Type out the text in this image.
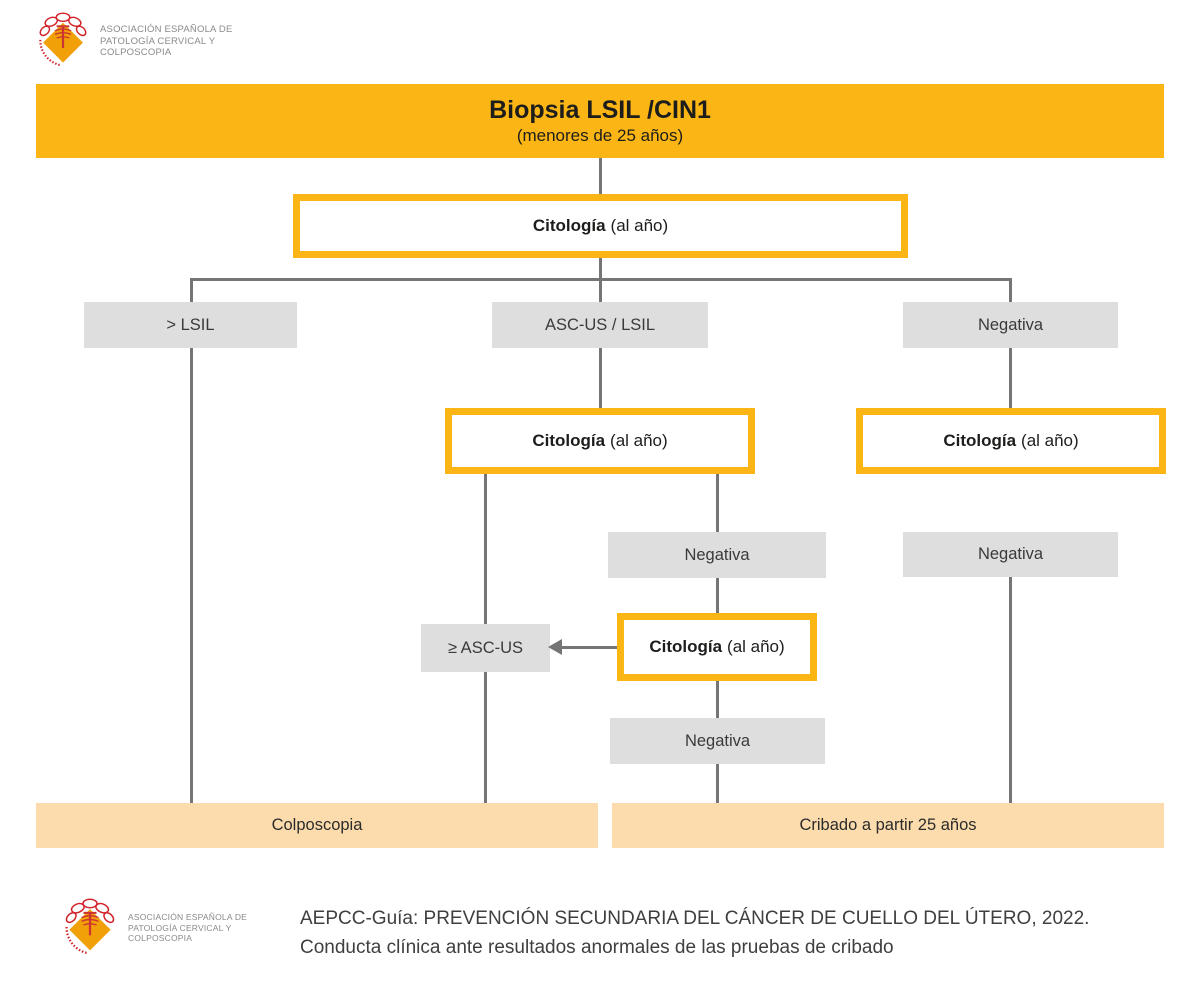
ASOCIACIÓN ESPAÑOLA DE
PATOLOGÍA CERVICAL Y
COLPOSCOPIA
Biopsia LSIL /CIN1
(menores de 25 años)
Citología (al año)
> LSIL	ASC-US / LSIL	Negativa
Citología (al año)	Citología (al año)
Negativa	Negativa
≥ ASC-US	Citología (al año)
Negativa
Colposcopia	Cribado a partir 25 años
ASOCIACIÓN ESPAÑOLA DE
PATOLOGÍA CERVICAL Y
COLPOSCOPIA
AEPCC-Guía: PREVENCIÓN SECUNDARIA DEL CÁNCER DE CUELLO DEL ÚTERO, 2022.
Conducta clínica ante resultados anormales de las pruebas de cribado
